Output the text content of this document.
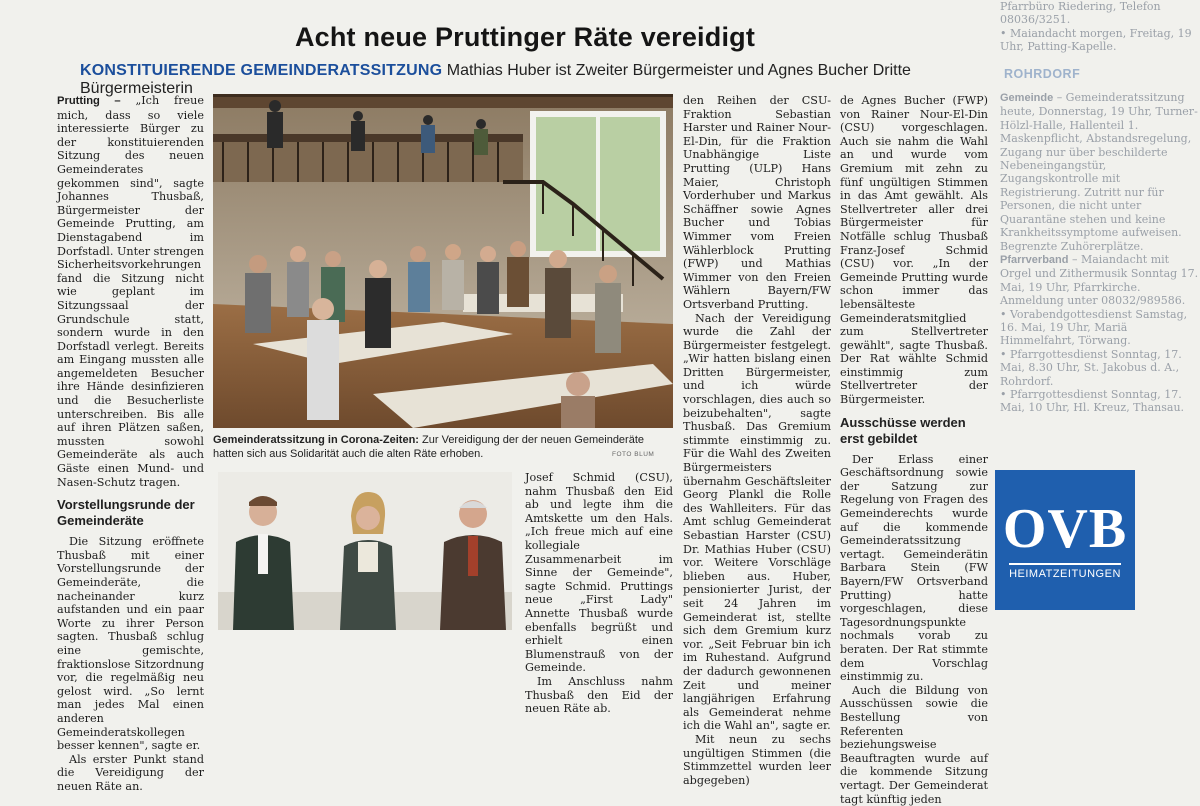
Acht neue Pruttinger Räte vereidigt
KONSTITUIERENDE GEMEINDERATSSITZUNG Mathias Huber ist Zweiter Bürgermeister und Agnes Bucher Dritte Bürgermeisterin

Prutting – „Ich freue mich, dass so viele interessierte Bürger zu der konstituierenden Sitzung des neuen Gemeinderates gekommen sind", sagte Johannes Thusbaß, Bürgermeister der Gemeinde Prutting, am Dienstagabend im Dorfstadl. Unter strengen Sicherheitsvorkehrungen fand die Sitzung nicht wie geplant im Sitzungssaal der Grundschule statt, sondern wurde in den Dorfstadl verlegt. Bereits am Eingang mussten alle angemeldeten Besucher ihre Hände desinfizieren und die Besucherliste unterschreiben. Bis alle auf ihren Plätzen saßen, mussten sowohl Gemeinderäte als auch Gäste einen Mund- und Nasen-Schutz tragen.

Vorstellungsrunde der Gemeinderäte

Die Sitzung eröffnete Thusbaß mit einer Vorstellungsrunde der Gemeinderäte, die nacheinander kurz aufstanden und ein paar Worte zu ihrer Person sagten. Thusbaß schlug eine gemischte, fraktionslose Sitzordnung vor, die regelmäßig neu gelost wird. „So lernt man jedes Mal einen anderen Gemeinderatskollegen besser kennen", sagte er.

Als erster Punkt stand die Vereidigung der neuen Räte an.

Gemeinderatssitzung in Corona-Zeiten: Zur Vereidigung der der neuen Gemeinderäte hatten sich aus Solidarität auch die alten Räte erhoben.	FOTO BLUM

Josef Schmid (CSU), nahm Thusbaß den Eid ab und legte ihm die Amtskette um den Hals. „Ich freue mich auf eine kollegiale Zusammenarbeit im Sinne der Gemeinde", sagte Schmid. Pruttings neue „First Lady" Annette Thusbaß wurde ebenfalls begrüßt und erhielt einen Blumenstrauß von der Gemeinde.

Im Anschluss nahm Thusbaß den Eid der neuen Räte ab.

den Reihen der CSU-Fraktion Sebastian Harster und Rainer Nour-El-Din, für die Fraktion Unabhängige Liste Prutting (ULP) Hans Maier, Christoph Vorderhuber und Markus Schäffner sowie Agnes Bucher und Tobias Wimmer vom Freien Wählerblock Prutting (FWP) und Mathias Wimmer von den Freien Wählern Bayern/FW Ortsverband Prutting.

Nach der Vereidigung wurde die Zahl der Bürgermeister festgelegt. „Wir hatten bislang einen Dritten Bürgermeister, und ich würde vorschlagen, dies auch so beizubehalten", sagte Thusbaß. Das Gremium stimmte einstimmig zu. Für die Wahl des Zweiten Bürgermeisters übernahm Geschäftsleiter Georg Plankl die Rolle des Wahlleiters. Für das Amt schlug Gemeinderat Sebastian Harster (CSU) Dr. Mathias Huber (CSU) vor. Weitere Vorschläge blieben aus. Huber, pensionierter Jurist, der seit 24 Jahren im Gemeinderat ist, stellte sich dem Gremium kurz vor. „Seit Februar bin ich im Ruhestand. Aufgrund der dadurch gewonnenen Zeit und meiner langjährigen Erfahrung als Gemeinderat nehme ich die Wahl an", sagte er.

Mit neun zu sechs ungültigen Stimmen (die Stimmzettel wurden leer abgegeben)

de Agnes Bucher (FWP) von Rainer Nour-El-Din (CSU) vorgeschlagen. Auch sie nahm die Wahl an und wurde vom Gremium mit zehn zu fünf ungültigen Stimmen in das Amt gewählt. Als Stellvertreter aller drei Bürgermeister für Notfälle schlug Thusbaß Franz-Josef Schmid (CSU) vor. „In der Gemeinde Prutting wurde schon immer das lebensälteste Gemeinderatsmitglied zum Stellvertreter gewählt", sagte Thusbaß. Der Rat wählte Schmid einstimmig zum Stellvertreter der Bürgermeister.

Ausschüsse werden erst gebildet

Der Erlass einer Geschäftsordnung sowie der Satzung zur Regelung von Fragen des Gemeinderechts wurde auf die kommende Gemeinderatssitzung vertagt. Gemeinderätin Barbara Stein (FW Bayern/FW Ortsverband Prutting) hatte vorgeschlagen, diese Tagesordnungspunkte nochmals vorab zu beraten. Der Rat stimmte dem Vorschlag einstimmig zu.

Auch die Bildung von Ausschüssen sowie die Bestellung von Referenten beziehungsweise Beauftragten wurde auf die kommende Sitzung vertagt. Der Gemeinderat tagt künftig jeden

Pfarrbüro Riedering, Telefon 08036/3251.

• Maiandacht morgen, Freitag, 19 Uhr, Patting-Kapelle.

ROHRDORF

Gemeinde – Gemeinderatssitzung heute, Donnerstag, 19 Uhr, Turner-Hölzl-Halle, Hallenteil 1. Maskenpflicht, Abstandsregelung, Zugang nur über beschilderte Nebeneingangstür, Zugangskontrolle mit Registrierung. Zutritt nur für Personen, die nicht unter Quarantäne stehen und keine Krankheitssymptome aufweisen. Begrenzte Zuhörerplätze.

Pfarrverband – Maiandacht mit Orgel und Zithermusik Sonntag 17. Mai, 19 Uhr, Pfarrkirche. Anmeldung unter 08032/989586.

• Vorabendgottesdienst Samstag, 16. Mai, 19 Uhr, Mariä Himmelfahrt, Törwang.

• Pfarrgottesdienst Sonntag, 17. Mai, 8.30 Uhr, St. Jakobus d. A., Rohrdorf.

• Pfarrgottesdienst Sonntag, 17. Mai, 10 Uhr, Hl. Kreuz, Thansau.

OVB
HEIMATZEITUNGEN
